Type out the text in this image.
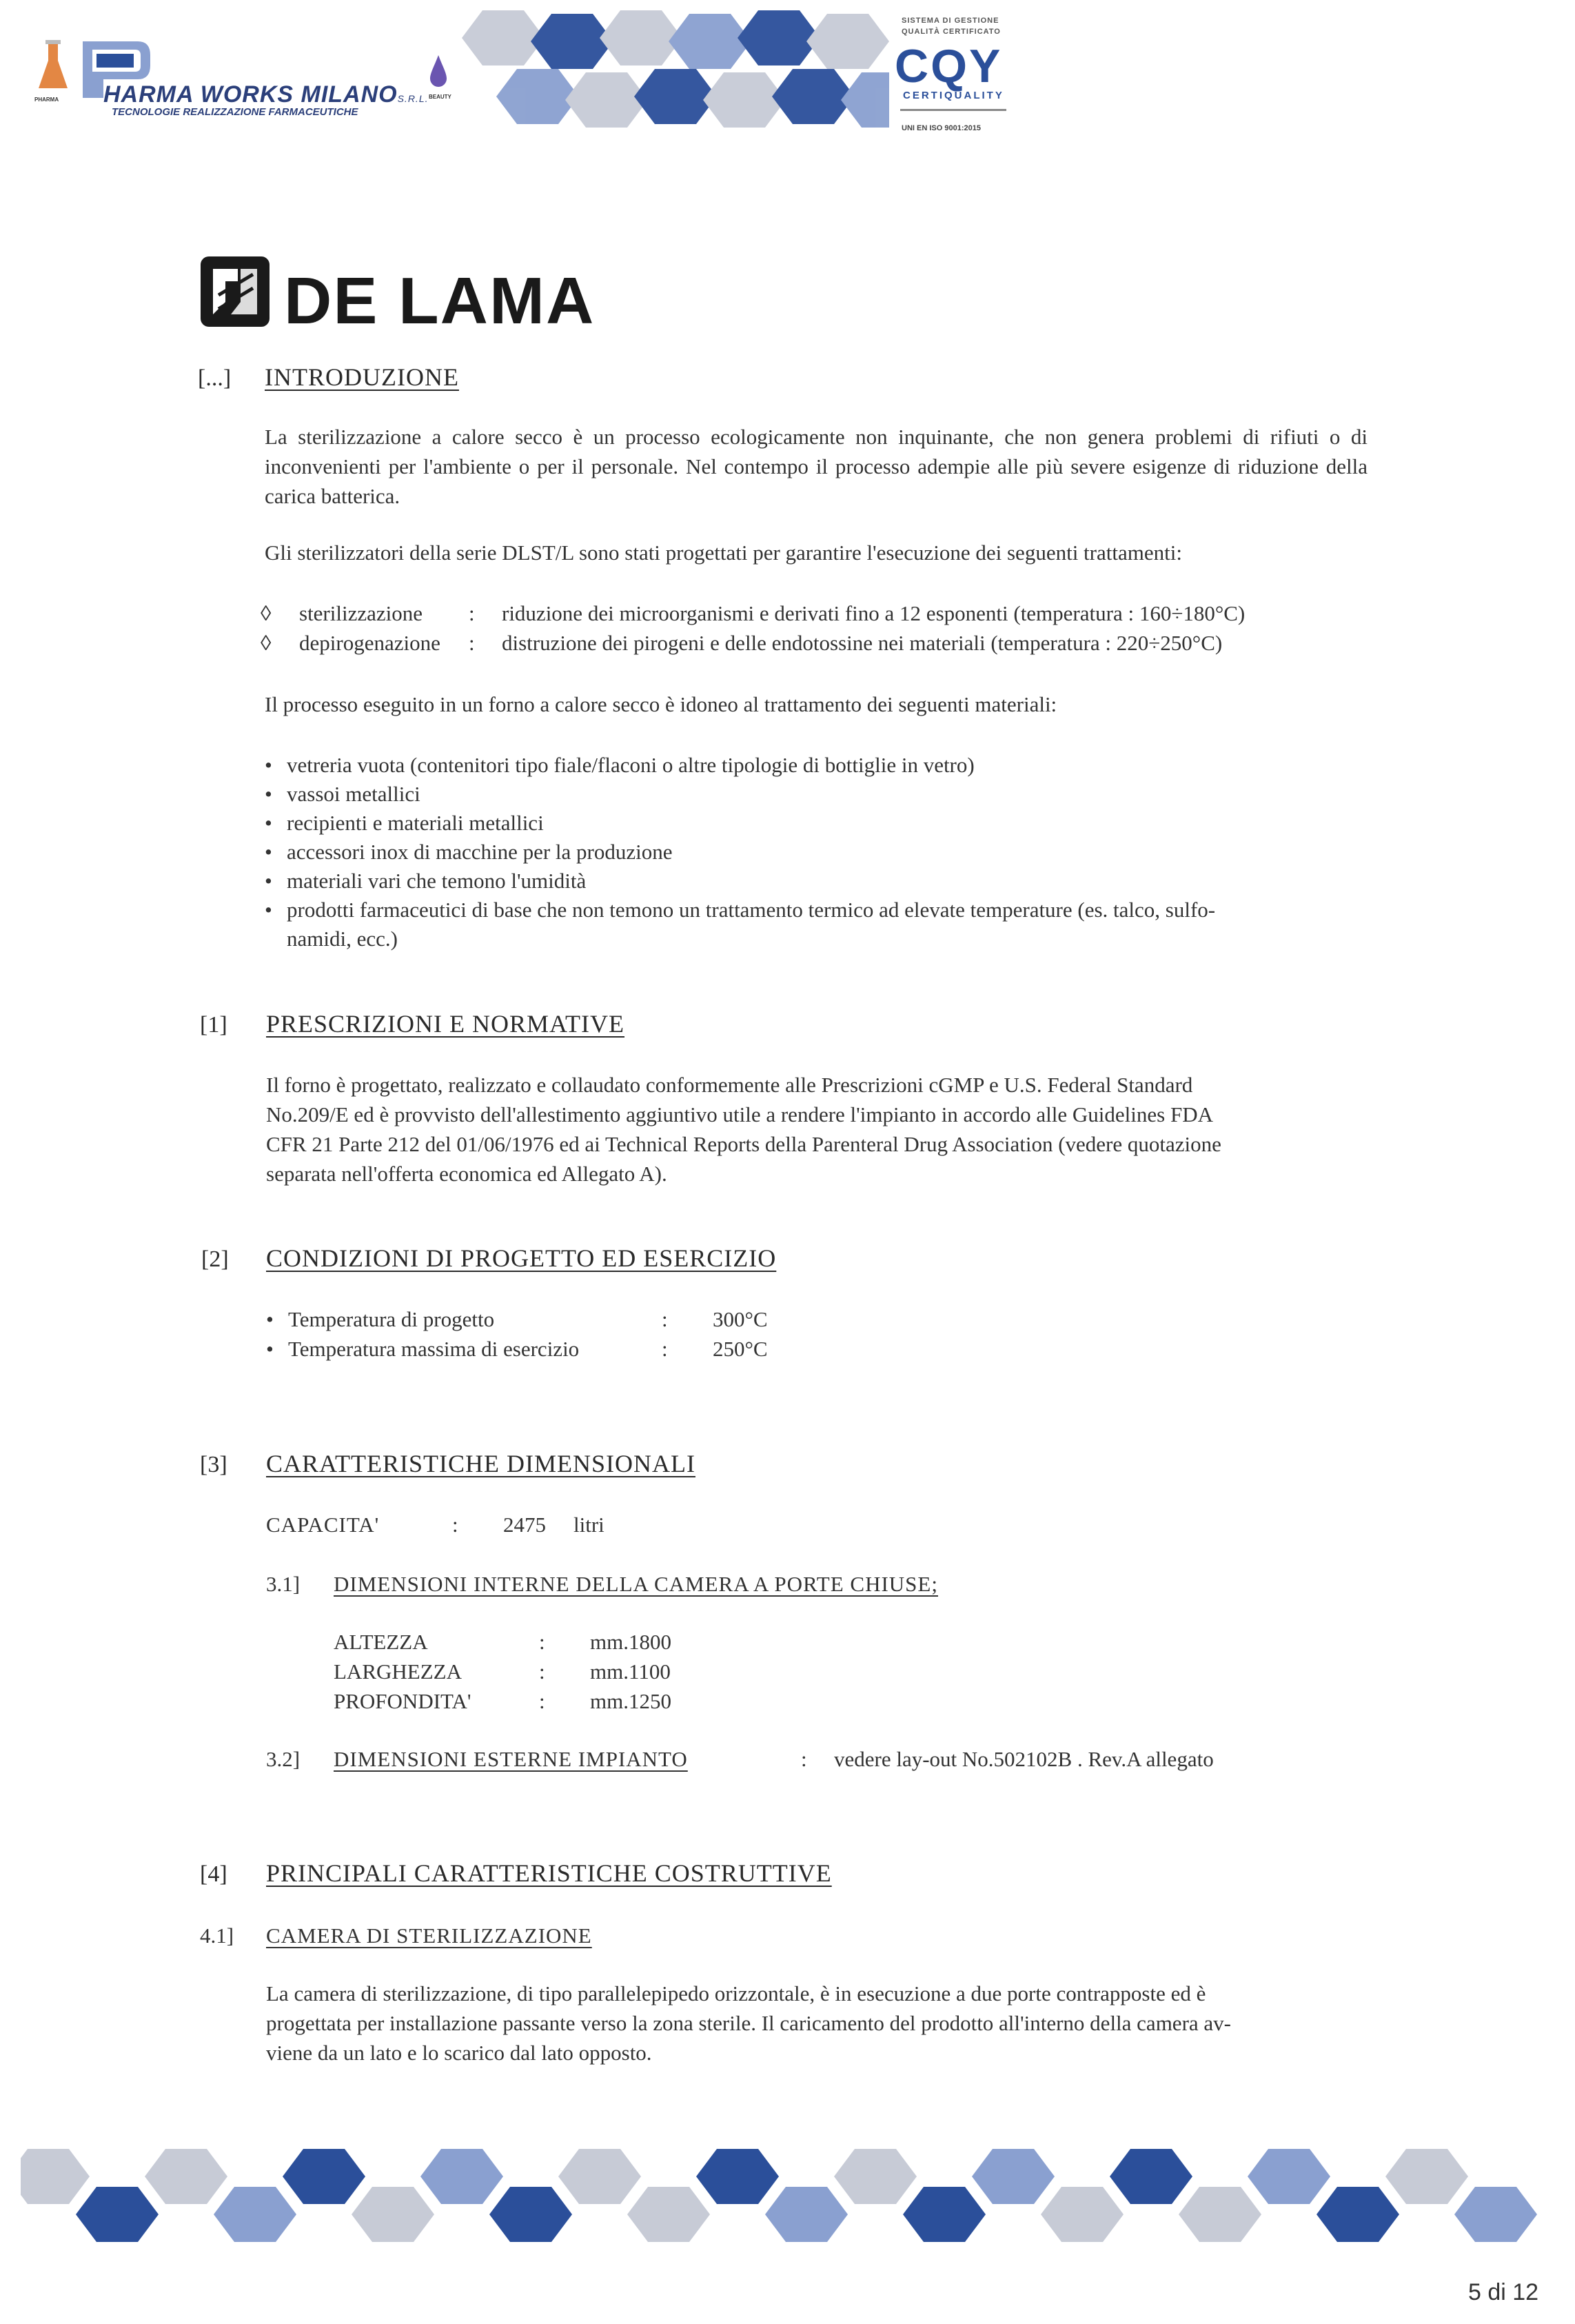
PHARMA HARMA WORKS MILANOS.R.L.
TECNOLOGIE REALIZZAZIONE FARMACEUTICHE
BEAUTY
SISTEMA DI GESTIONE
QUALITÀ CERTIFICATO
CQY
CERTIQUALITY
UNI EN ISO 9001:2015
DE LAMA
[...] INTRODUZIONE
La sterilizzazione a calore secco è un processo ecologicamente non inquinante, che non genera problemi di rifiuti o di inconvenienti per l'ambiente o per il personale. Nel contempo il processo adempie alle più severe esigenze di riduzione della carica batterica.
Gli sterilizzatori della serie DLST/L sono stati progettati per garantire l'esecuzione dei seguenti trattamenti:
◊ sterilizzazione : riduzione dei microorganismi e derivati fino a 12 esponenti (temperatura : 160÷180°C)
◊ depirogenazione : distruzione dei pirogeni e delle endotossine nei materiali (temperatura : 220÷250°C)
Il processo eseguito in un forno a calore secco è idoneo al trattamento dei seguenti materiali:
• vetreria vuota (contenitori tipo fiale/flaconi o altre tipologie di bottiglie in vetro)
• vassoi metallici
• recipienti e materiali metallici
• accessori inox di macchine per la produzione
• materiali vari che temono l'umidità
• prodotti farmaceutici di base che non temono un trattamento termico ad elevate temperature (es. talco, sulfo-
namidi, ecc.)
[1] PRESCRIZIONI E NORMATIVE
Il forno è progettato, realizzato e collaudato conformemente alle Prescrizioni cGMP e U.S. Federal Standard
No.209/E ed è provvisto dell'allestimento aggiuntivo utile a rendere l'impianto in accordo alle Guidelines FDA
CFR 21 Parte 212 del 01/06/1976 ed ai Technical Reports della Parenteral Drug Association (vedere quotazione
separata nell'offerta economica ed Allegato A).
[2] CONDIZIONI DI PROGETTO ED ESERCIZIO
• Temperatura di progetto	: 300°C
• Temperatura massima di esercizio	: 250°C
[3] CARATTERISTICHE DIMENSIONALI
CAPACITA'	: 2475 litri
3.1] DIMENSIONI INTERNE DELLA CAMERA A PORTE CHIUSE;
ALTEZZA	: mm.1800
LARGHEZZA	: mm.1100
PROFONDITA'	: mm.1250
3.2] DIMENSIONI ESTERNE IMPIANTO	: vedere lay-out No.502102B . Rev.A allegato
[4] PRINCIPALI CARATTERISTICHE COSTRUTTIVE
4.1] CAMERA DI STERILIZZAZIONE
La camera di sterilizzazione, di tipo parallelepipedo orizzontale, è in esecuzione a due porte contrapposte ed è
progettata per installazione passante verso la zona sterile. Il caricamento del prodotto all'interno della camera av-
viene da un lato e lo scarico dal lato opposto.
5 di 12
